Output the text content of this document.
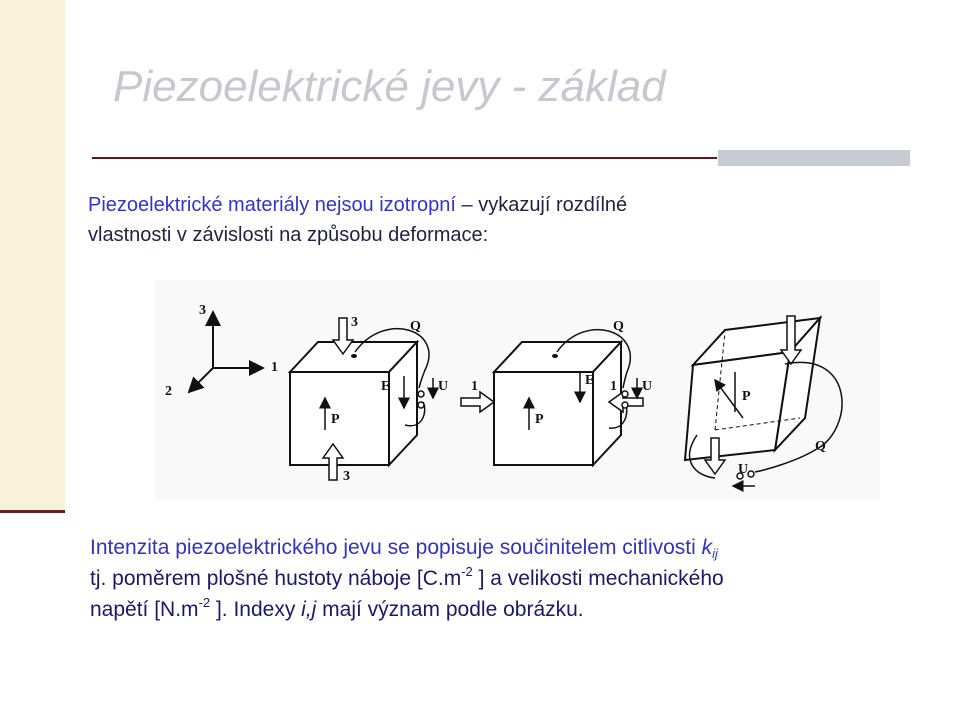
Piezoelektrické jevy - základ
Piezoelektrické materiály nejsou izotropní – vykazují rozdílné
vlastnosti v závislosti na způsobu deformace:
3
1
2
3
3
P
E
Q
U 1	1
P
E
Q
U
P
Q
U
Intenzita piezoelektrického jevu se popisuje součinitelem citlivosti $k_{ij}$
tj. poměrem plošné hustoty náboje [$C.m^{-2}$ ] a velikosti mechanického
napětí [$N.m^{-2}$ ]. Indexy i,j mají význam podle obrázku.
